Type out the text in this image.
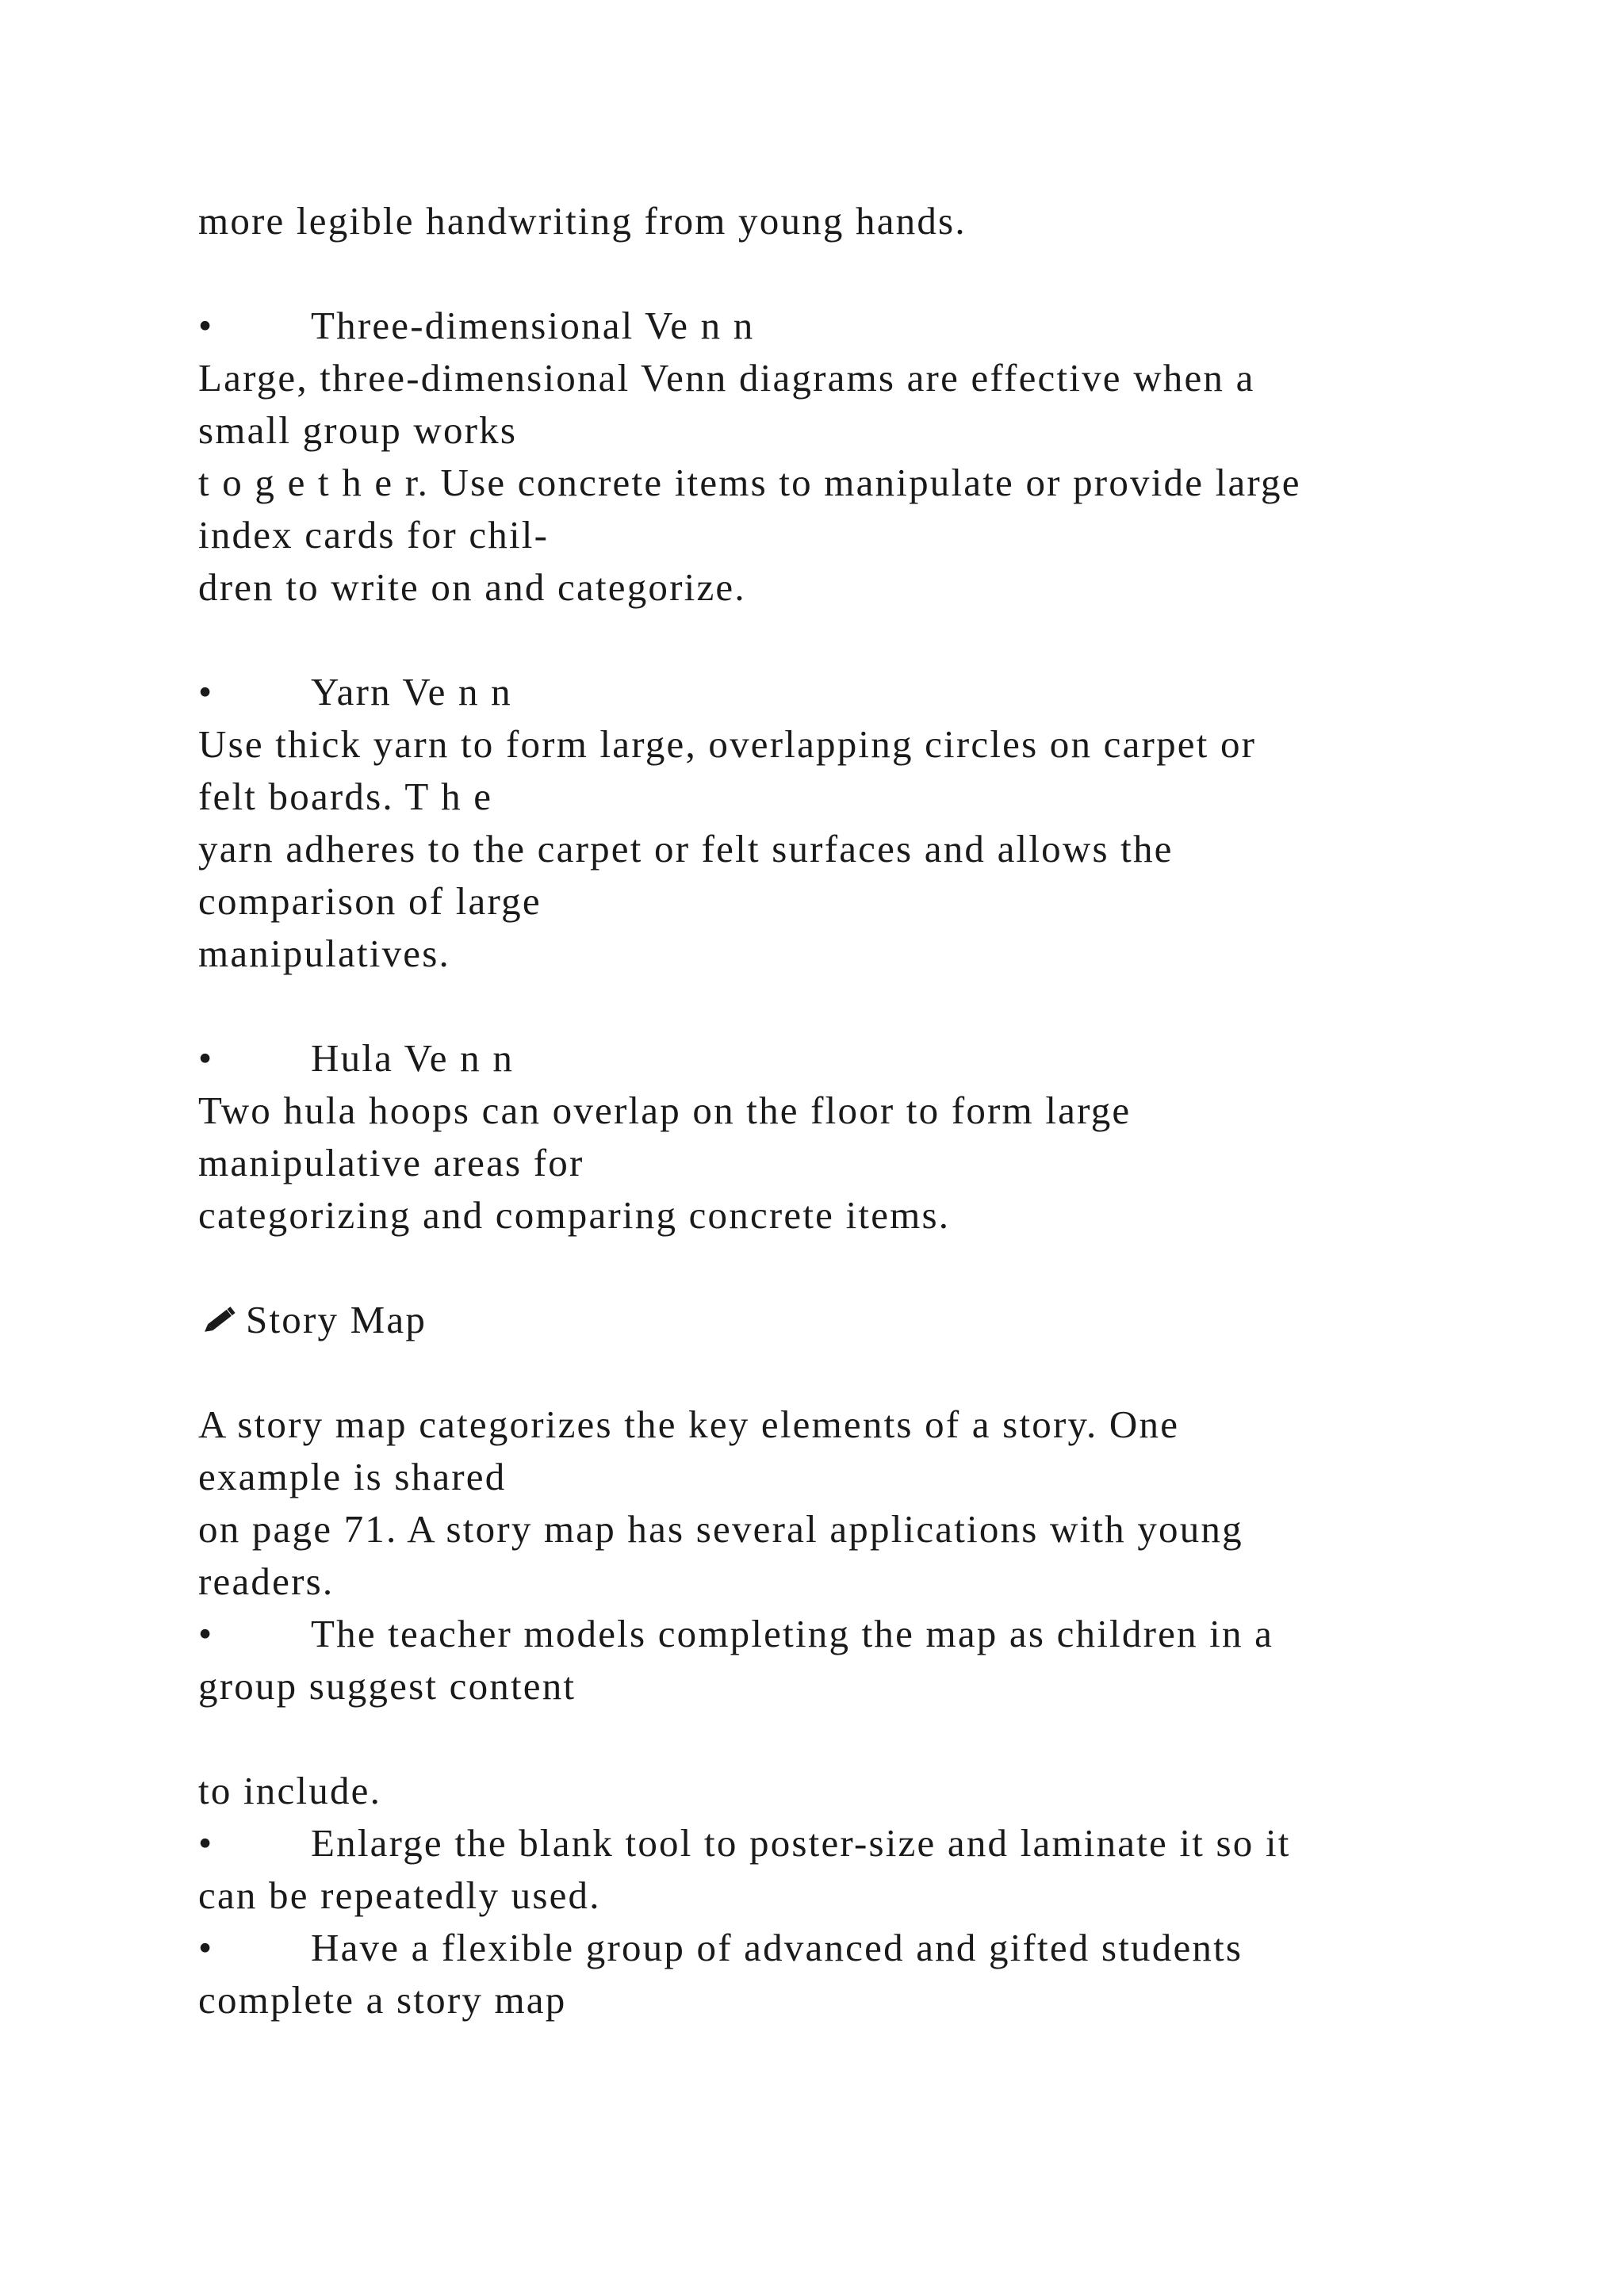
more legible handwriting from young hands.
•	Three-dimensional Ve n n
Large, three-dimensional Venn diagrams are effective when a
small group works
t o g e t h e r. Use concrete items to manipulate or provide large
index cards for chil-
dren to write on and categorize.
•	Yarn Ve n n
Use thick yarn to form large, overlapping circles on carpet or
felt boards. T h e
yarn adheres to the carpet or felt surfaces and allows the
comparison of large
manipulatives.
•	Hula Ve n n
Two hula hoops can overlap on the floor to form large
manipulative areas for
categorizing and comparing concrete items.
Story Map
A story map categorizes the key elements of a story. One
example is shared
on page 71. A story map has several applications with young
readers.
•	The teacher models completing the map as children in a
group suggest content
to include.
•	Enlarge the blank tool to poster-size and laminate it so it
can be repeatedly used.
•	Have a flexible group of advanced and gifted students
complete a story map
